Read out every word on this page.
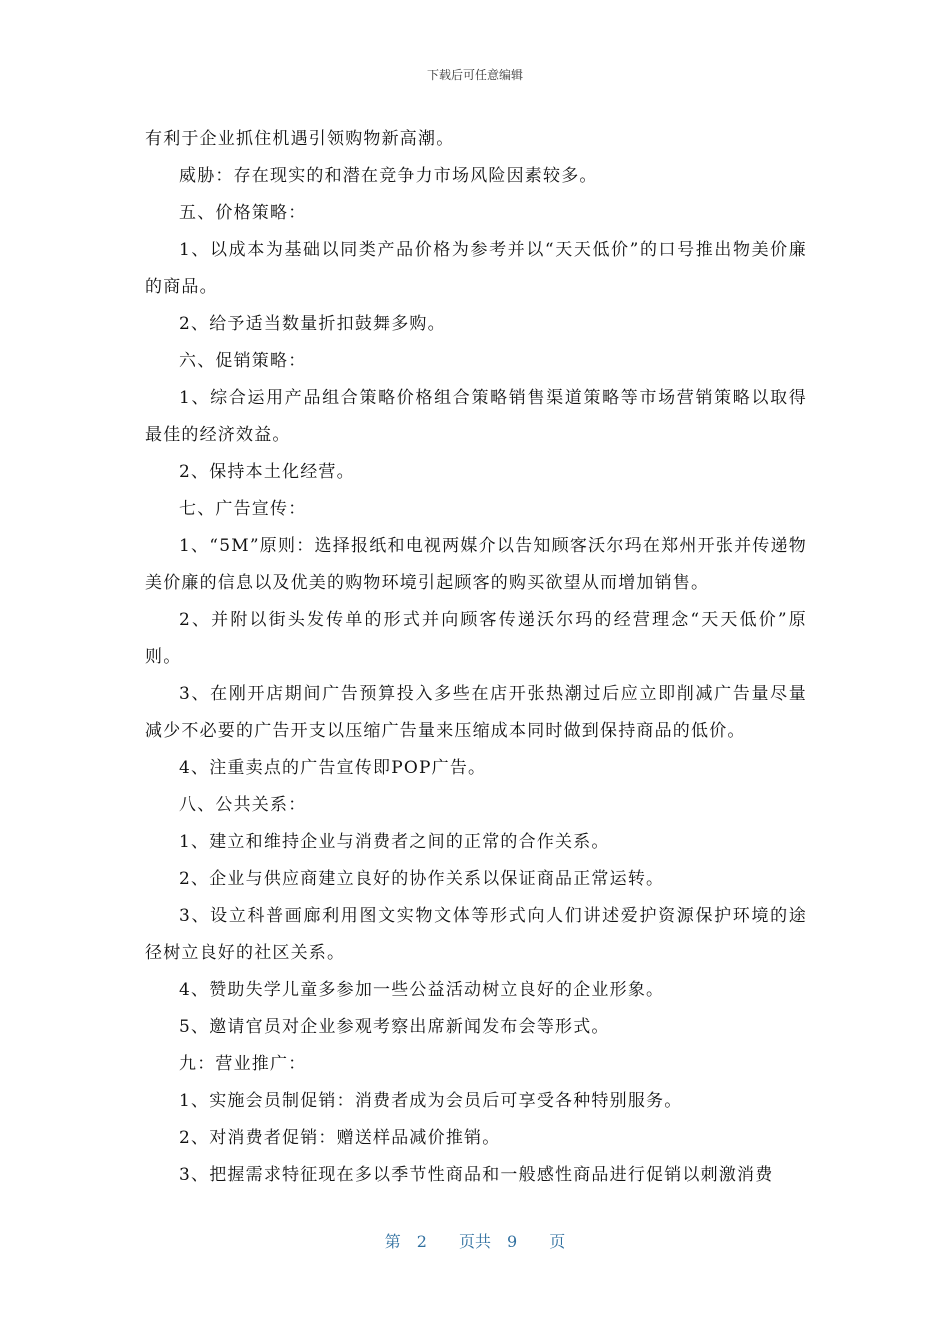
下载后可任意编辑

有利于企业抓住机遇引领购物新高潮。

威胁：存在现实的和潜在竞争力市场风险因素较多。

五、价格策略：

1、以成本为基础以同类产品价格为参考并以“天天低价”的口号推出物美价廉的商品。

2、给予适当数量折扣鼓舞多购。

六、促销策略：

1、综合运用产品组合策略价格组合策略销售渠道策略等市场营销策略以取得最佳的经济效益。

2、保持本土化经营。

七、广告宣传：

1、“5M”原则：选择报纸和电视两媒介以告知顾客沃尔玛在郑州开张并传递物美价廉的信息以及优美的购物环境引起顾客的购买欲望从而增加销售。

2、并附以街头发传单的形式并向顾客传递沃尔玛的经营理念“天天低价”原则。

3、在刚开店期间广告预算投入多些在店开张热潮过后应立即削减广告量尽量减少不必要的广告开支以压缩广告量来压缩成本同时做到保持商品的低价。

4、注重卖点的广告宣传即POP广告。

八、公共关系：

1、建立和维持企业与消费者之间的正常的合作关系。

2、企业与供应商建立良好的协作关系以保证商品正常运转。

3、设立科普画廊利用图文实物文体等形式向人们讲述爱护资源保护环境的途径树立良好的社区关系。

4、赞助失学儿童多参加一些公益活动树立良好的企业形象。

5、邀请官员对企业参观考察出席新闻发布会等形式。

九：营业推广：

1、实施会员制促销：消费者成为会员后可享受各种特别服务。

2、对消费者促销：赠送样品减价推销。

3、把握需求特征现在多以季节性商品和一般感性商品进行促销以刺激消费

第 2 页共 9 页
